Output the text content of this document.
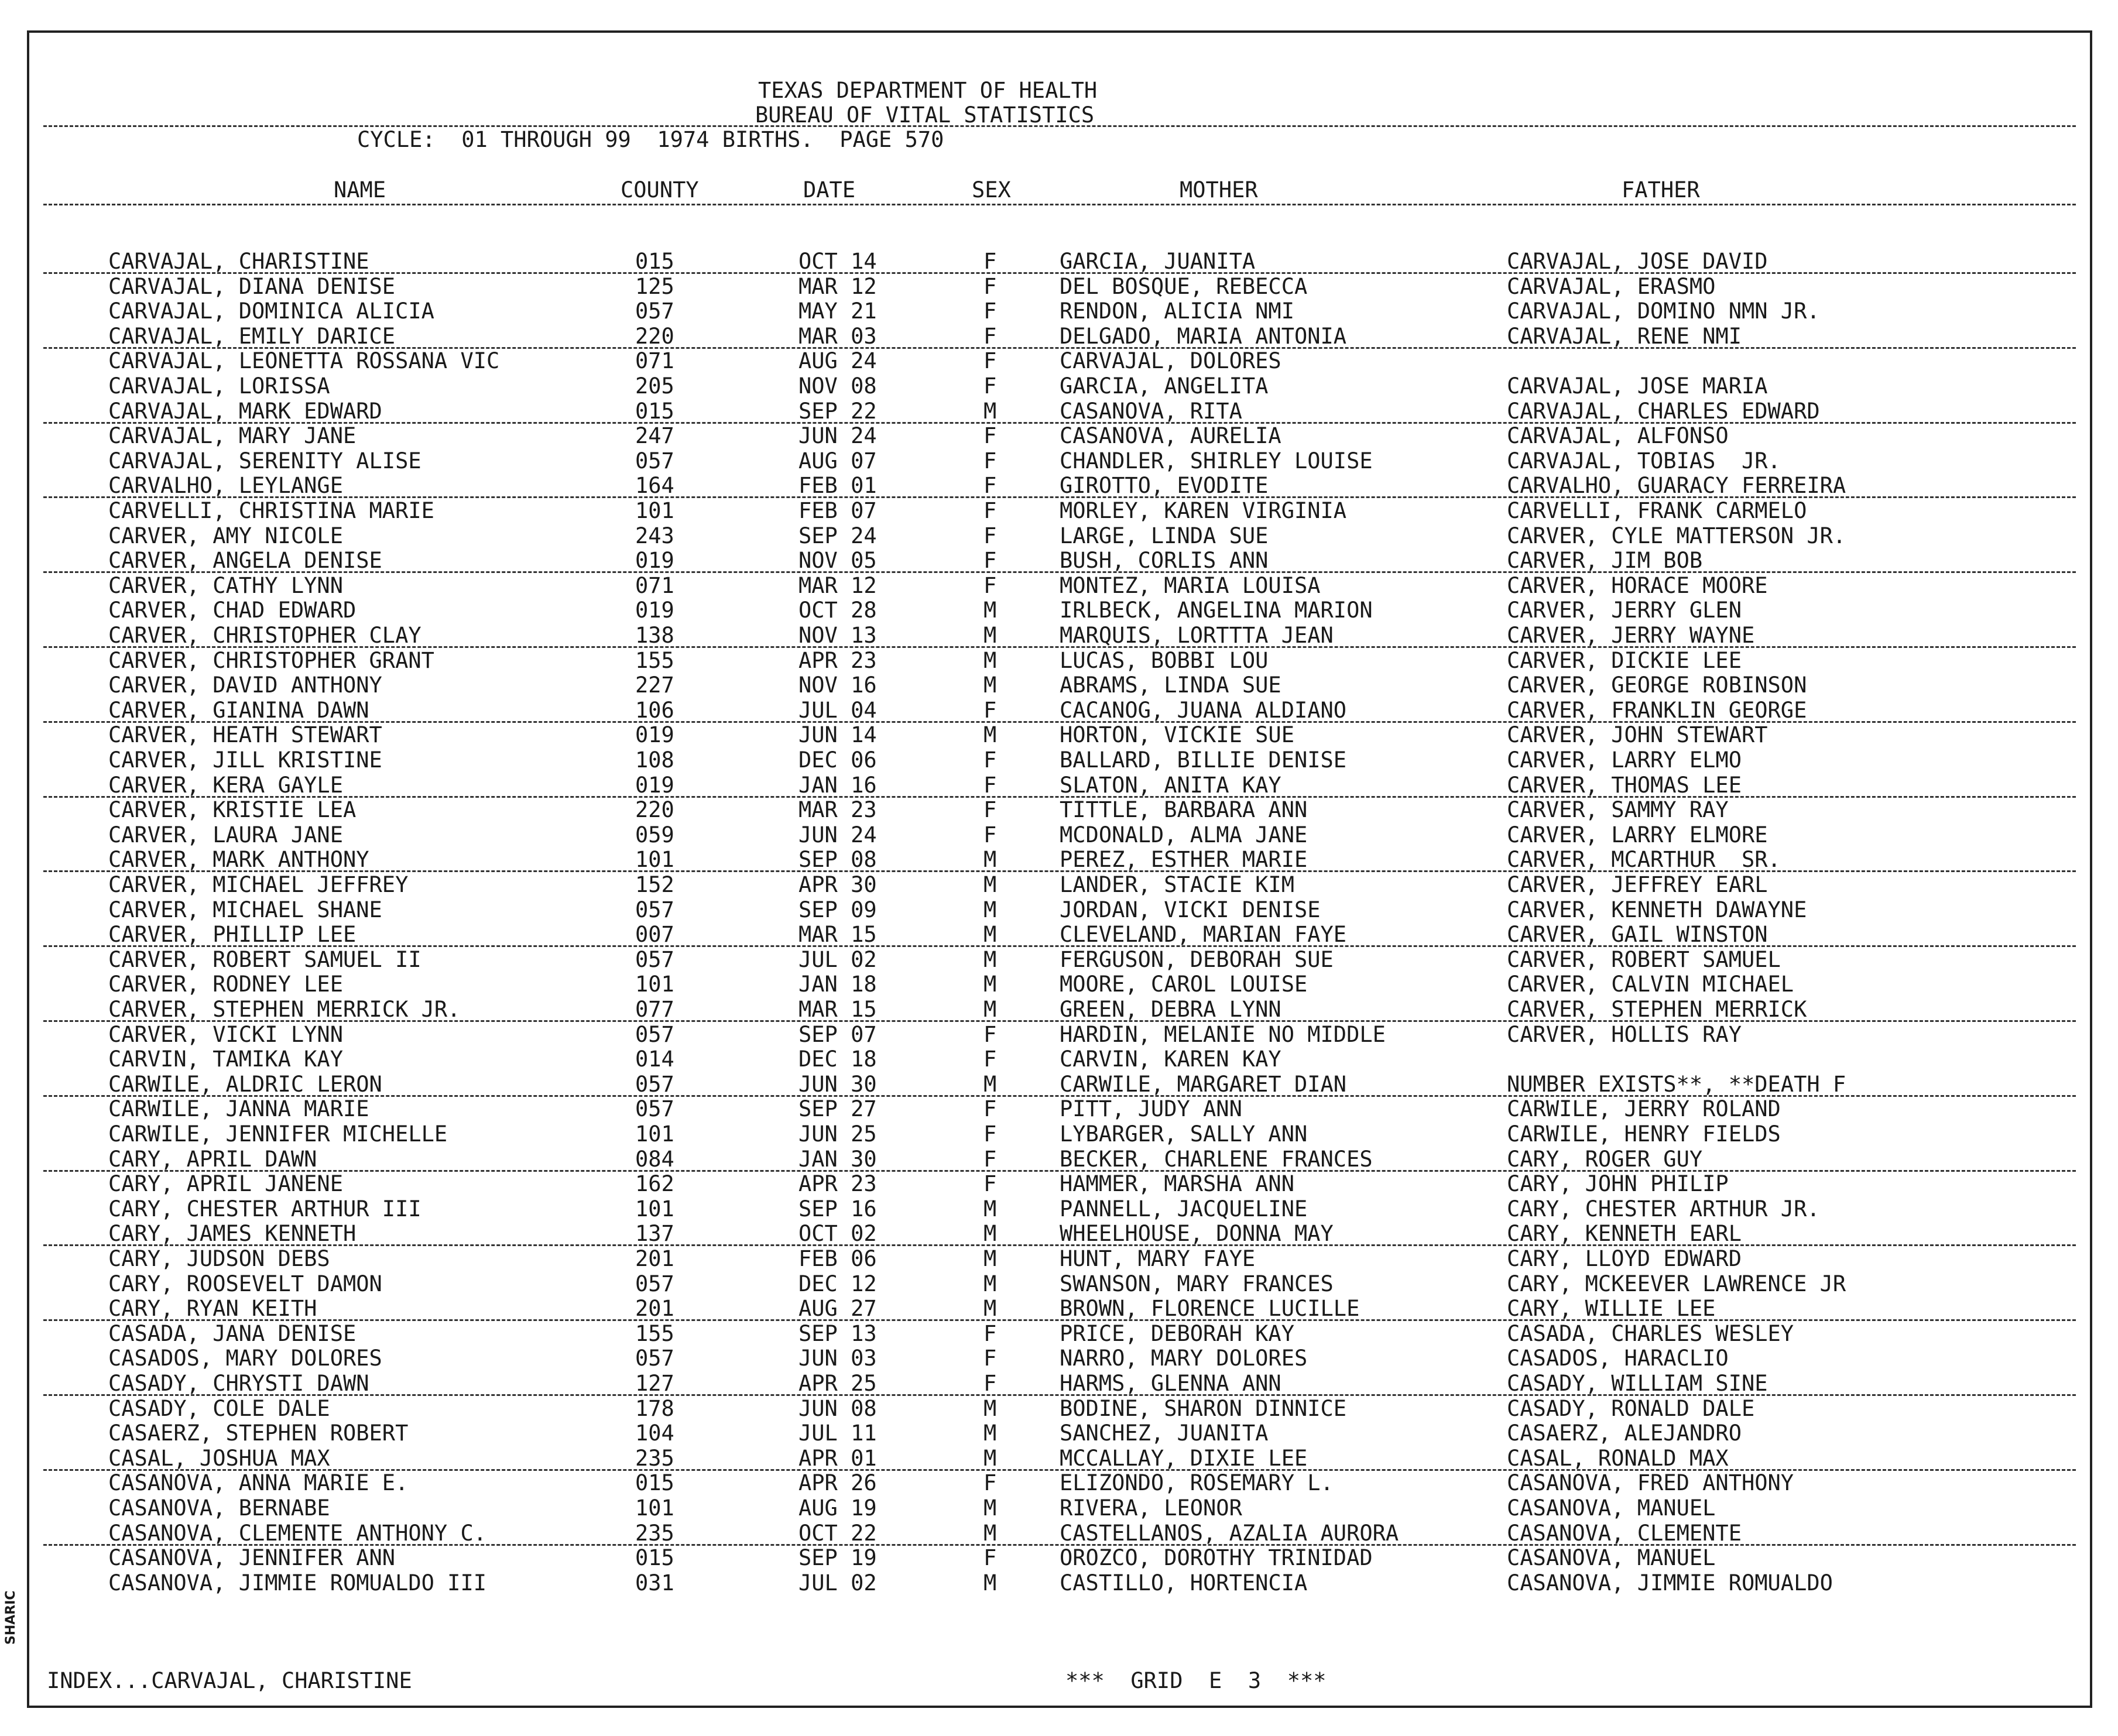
TEXAS DEPARTMENT OF HEALTH
BUREAU OF VITAL STATISTICS
CYCLE:  01 THROUGH 99  1974 BIRTHS.  PAGE 570
NAME	COUNTY	DATE	SEX	MOTHER	FATHER
CARVAJAL, CHARISTINE	015	OCT 14	F	GARCIA, JUANITA	CARVAJAL, JOSE DAVID
CARVAJAL, DIANA DENISE	125	MAR 12	F	DEL BOSQUE, REBECCA	CARVAJAL, ERASMO
CARVAJAL, DOMINICA ALICIA	057	MAY 21	F	RENDON, ALICIA NMI	CARVAJAL, DOMINO NMN JR.
CARVAJAL, EMILY DARICE	220	MAR 03	F	DELGADO, MARIA ANTONIA	CARVAJAL, RENE NMI
CARVAJAL, LEONETTA ROSSANA VIC	071	AUG 24	F	CARVAJAL, DOLORES
CARVAJAL, LORISSA	205	NOV 08	F	GARCIA, ANGELITA	CARVAJAL, JOSE MARIA
CARVAJAL, MARK EDWARD	015	SEP 22	M	CASANOVA, RITA	CARVAJAL, CHARLES EDWARD
CARVAJAL, MARY JANE	247	JUN 24	F	CASANOVA, AURELIA	CARVAJAL, ALFONSO
CARVAJAL, SERENITY ALISE	057	AUG 07	F	CHANDLER, SHIRLEY LOUISE	CARVAJAL, TOBIAS  JR.
CARVALHO, LEYLANGE	164	FEB 01	F	GIROTTO, EVODITE	CARVALHO, GUARACY FERREIRA
CARVELLI, CHRISTINA MARIE	101	FEB 07	F	MORLEY, KAREN VIRGINIA	CARVELLI, FRANK CARMELO
CARVER, AMY NICOLE	243	SEP 24	F	LARGE, LINDA SUE	CARVER, CYLE MATTERSON JR.
CARVER, ANGELA DENISE	019	NOV 05	F	BUSH, CORLIS ANN	CARVER, JIM BOB
CARVER, CATHY LYNN	071	MAR 12	F	MONTEZ, MARIA LOUISA	CARVER, HORACE MOORE
CARVER, CHAD EDWARD	019	OCT 28	M	IRLBECK, ANGELINA MARION	CARVER, JERRY GLEN
CARVER, CHRISTOPHER CLAY	138	NOV 13	M	MARQUIS, LORTTTA JEAN	CARVER, JERRY WAYNE
CARVER, CHRISTOPHER GRANT	155	APR 23	M	LUCAS, BOBBI LOU	CARVER, DICKIE LEE
CARVER, DAVID ANTHONY	227	NOV 16	M	ABRAMS, LINDA SUE	CARVER, GEORGE ROBINSON
CARVER, GIANINA DAWN	106	JUL 04	F	CACANOG, JUANA ALDIANO	CARVER, FRANKLIN GEORGE
CARVER, HEATH STEWART	019	JUN 14	M	HORTON, VICKIE SUE	CARVER, JOHN STEWART
CARVER, JILL KRISTINE	108	DEC 06	F	BALLARD, BILLIE DENISE	CARVER, LARRY ELMO
CARVER, KERA GAYLE	019	JAN 16	F	SLATON, ANITA KAY	CARVER, THOMAS LEE
CARVER, KRISTIE LEA	220	MAR 23	F	TITTLE, BARBARA ANN	CARVER, SAMMY RAY
CARVER, LAURA JANE	059	JUN 24	F	MCDONALD, ALMA JANE	CARVER, LARRY ELMORE
CARVER, MARK ANTHONY	101	SEP 08	M	PEREZ, ESTHER MARIE	CARVER, MCARTHUR  SR.
CARVER, MICHAEL JEFFREY	152	APR 30	M	LANDER, STACIE KIM	CARVER, JEFFREY EARL
CARVER, MICHAEL SHANE	057	SEP 09	M	JORDAN, VICKI DENISE	CARVER, KENNETH DAWAYNE
CARVER, PHILLIP LEE	007	MAR 15	M	CLEVELAND, MARIAN FAYE	CARVER, GAIL WINSTON
CARVER, ROBERT SAMUEL II	057	JUL 02	M	FERGUSON, DEBORAH SUE	CARVER, ROBERT SAMUEL
CARVER, RODNEY LEE	101	JAN 18	M	MOORE, CAROL LOUISE	CARVER, CALVIN MICHAEL
CARVER, STEPHEN MERRICK JR.	077	MAR 15	M	GREEN, DEBRA LYNN	CARVER, STEPHEN MERRICK
CARVER, VICKI LYNN	057	SEP 07	F	HARDIN, MELANIE NO MIDDLE	CARVER, HOLLIS RAY
CARVIN, TAMIKA KAY	014	DEC 18	F	CARVIN, KAREN KAY
CARWILE, ALDRIC LERON	057	JUN 30	M	CARWILE, MARGARET DIAN	NUMBER EXISTS**, **DEATH F
CARWILE, JANNA MARIE	057	SEP 27	F	PITT, JUDY ANN	CARWILE, JERRY ROLAND
CARWILE, JENNIFER MICHELLE	101	JUN 25	F	LYBARGER, SALLY ANN	CARWILE, HENRY FIELDS
CARY, APRIL DAWN	084	JAN 30	F	BECKER, CHARLENE FRANCES	CARY, ROGER GUY
CARY, APRIL JANENE	162	APR 23	F	HAMMER, MARSHA ANN	CARY, JOHN PHILIP
CARY, CHESTER ARTHUR III	101	SEP 16	M	PANNELL, JACQUELINE	CARY, CHESTER ARTHUR JR.
CARY, JAMES KENNETH	137	OCT 02	M	WHEELHOUSE, DONNA MAY	CARY, KENNETH EARL
CARY, JUDSON DEBS	201	FEB 06	M	HUNT, MARY FAYE	CARY, LLOYD EDWARD
CARY, ROOSEVELT DAMON	057	DEC 12	M	SWANSON, MARY FRANCES	CARY, MCKEEVER LAWRENCE JR
CARY, RYAN KEITH	201	AUG 27	M	BROWN, FLORENCE LUCILLE	CARY, WILLIE LEE
CASADA, JANA DENISE	155	SEP 13	F	PRICE, DEBORAH KAY	CASADA, CHARLES WESLEY
CASADOS, MARY DOLORES	057	JUN 03	F	NARRO, MARY DOLORES	CASADOS, HARACLIO
CASADY, CHRYSTI DAWN	127	APR 25	F	HARMS, GLENNA ANN	CASADY, WILLIAM SINE
CASADY, COLE DALE	178	JUN 08	M	BODINE, SHARON DINNICE	CASADY, RONALD DALE
CASAERZ, STEPHEN ROBERT	104	JUL 11	M	SANCHEZ, JUANITA	CASAERZ, ALEJANDRO
CASAL, JOSHUA MAX	235	APR 01	M	MCCALLAY, DIXIE LEE	CASAL, RONALD MAX
CASANOVA, ANNA MARIE E.	015	APR 26	F	ELIZONDO, ROSEMARY L.	CASANOVA, FRED ANTHONY
CASANOVA, BERNABE	101	AUG 19	M	RIVERA, LEONOR	CASANOVA, MANUEL
CASANOVA, CLEMENTE ANTHONY C.	235	OCT 22	M	CASTELLANOS, AZALIA AURORA	CASANOVA, CLEMENTE
CASANOVA, JENNIFER ANN	015	SEP 19	F	OROZCO, DOROTHY TRINIDAD	CASANOVA, MANUEL
CASANOVA, JIMMIE ROMUALDO III	031	JUL 02	M	CASTILLO, HORTENCIA	CASANOVA, JIMMIE ROMUALDO
INDEX...CARVAJAL, CHARISTINE	***  GRID  E  3  ***
SHARIC
